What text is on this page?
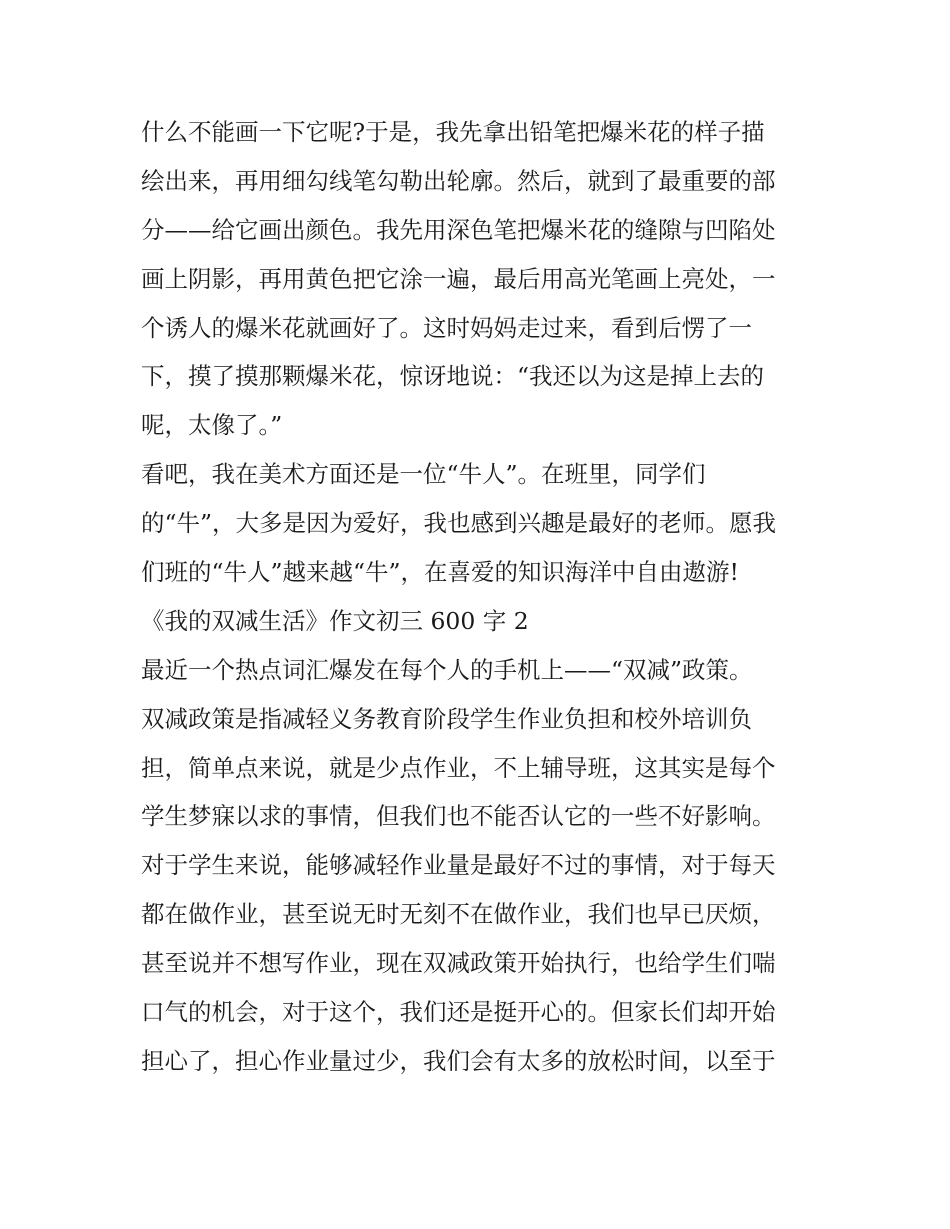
什么不能画一下它呢?于是，我先拿出铅笔把爆米花的样子描
绘出来，再用细勾线笔勾勒出轮廓。然后，就到了最重要的部
分——给它画出颜色。我先用深色笔把爆米花的缝隙与凹陷处
画上阴影，再用黄色把它涂一遍，最后用高光笔画上亮处，一
个诱人的爆米花就画好了。这时妈妈走过来，看到后愣了一
下，摸了摸那颗爆米花，惊讶地说：“我还以为这是掉上去的
呢，太像了。”
看吧，我在美术方面还是一位“牛人”。在班里，同学们
的“牛”，大多是因为爱好，我也感到兴趣是最好的老师。愿我
们班的“牛人”越来越“牛”，在喜爱的知识海洋中自由遨游!
《我的双减生活》作文初三 600 字 2
最近一个热点词汇爆发在每个人的手机上——“双减”政策。
双减政策是指减轻义务教育阶段学生作业负担和校外培训负
担，简单点来说，就是少点作业，不上辅导班，这其实是每个
学生梦寐以求的事情，但我们也不能否认它的一些不好影响。
对于学生来说，能够减轻作业量是最好不过的事情，对于每天
都在做作业，甚至说无时无刻不在做作业，我们也早已厌烦，
甚至说并不想写作业，现在双减政策开始执行，也给学生们喘
口气的机会，对于这个，我们还是挺开心的。但家长们却开始
担心了，担心作业量过少，我们会有太多的放松时间，以至于
